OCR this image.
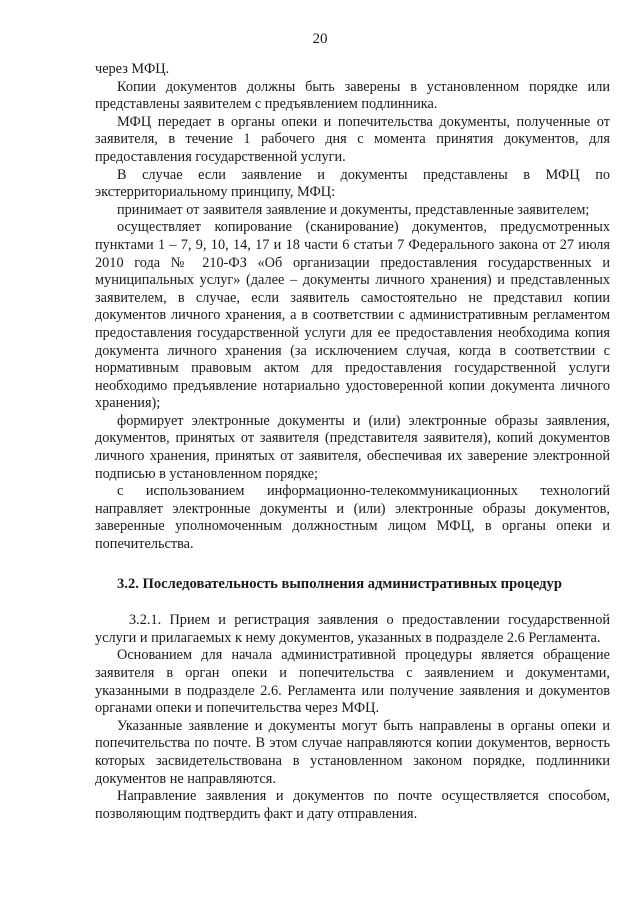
20

через МФЦ.

Копии документов должны быть заверены в установленном порядке или представлены заявителем с предъявлением подлинника.

МФЦ передает в органы опеки и попечительства документы, полученные от заявителя, в течение 1 рабочего дня с момента принятия документов, для предоставления государственной услуги.

В случае если заявление и документы представлены в МФЦ по экстерриториальному принципу, МФЦ:

принимает от заявителя заявление и документы, представленные заявителем;

осуществляет копирование (сканирование) документов, предусмотренных пунктами 1 – 7, 9, 10, 14, 17 и 18 части 6 статьи 7 Федерального закона от 27 июля 2010 года № 210-ФЗ «Об организации предоставления государственных и муниципальных услуг» (далее – документы личного хранения) и представленных заявителем, в случае, если заявитель самостоятельно не представил копии документов личного хранения, а в соответствии с административным регламентом предоставления государственной услуги для ее предоставления необходима копия документа личного хранения (за исключением случая, когда в соответствии с нормативным правовым актом для предоставления государственной услуги необходимо предъявление нотариально удостоверенной копии документа личного хранения);

формирует электронные документы и (или) электронные образы заявления, документов, принятых от заявителя (представителя заявителя), копий документов личного хранения, принятых от заявителя, обеспечивая их заверение электронной подписью в установленном порядке;

с использованием информационно-телекоммуникационных технологий направляет электронные документы и (или) электронные образы документов, заверенные уполномоченным должностным лицом МФЦ, в органы опеки и попечительства.

3.2. Последовательность выполнения административных процедур

3.2.1. Прием и регистрация заявления о предоставлении государственной услуги и прилагаемых к нему документов, указанных в подразделе 2.6 Регламента.

Основанием для начала административной процедуры является обращение заявителя в орган опеки и попечительства с заявлением и документами, указанными в подразделе 2.6. Регламента или получение заявления и документов органами опеки и попечительства через МФЦ.

Указанные заявление и документы могут быть направлены в органы опеки и попечительства по почте. В этом случае направляются копии документов, верность которых засвидетельствована в установленном законом порядке, подлинники документов не направляются.

Направление заявления и документов по почте осуществляется способом, позволяющим подтвердить факт и дату отправления.
